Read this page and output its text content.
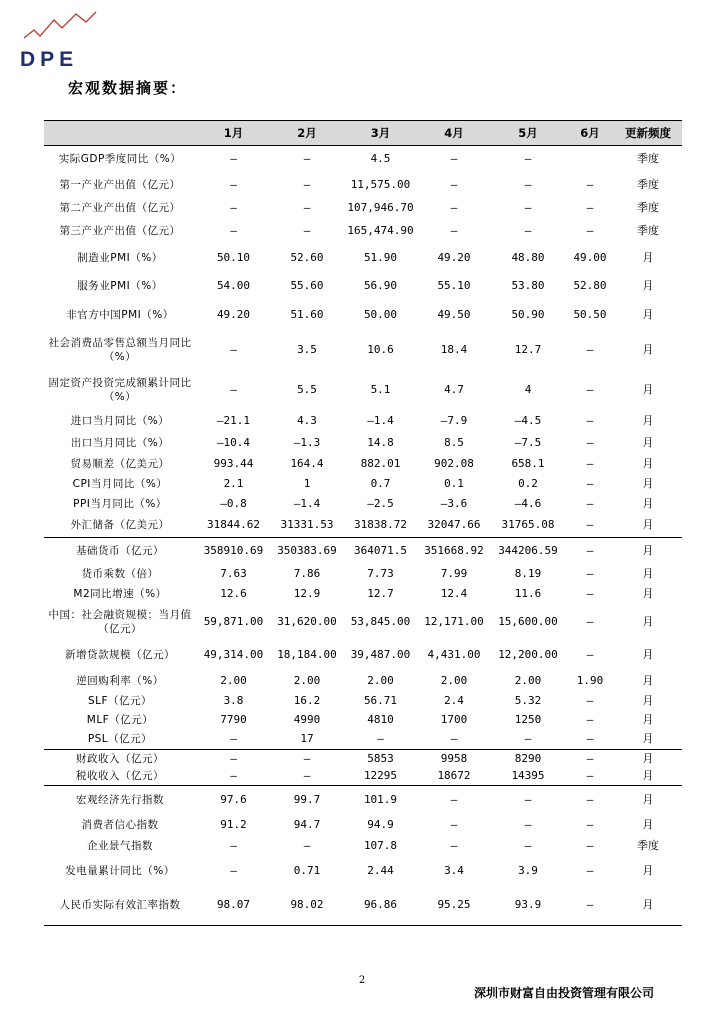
DPE
宏观数据摘要：
	1月	2月	3月	4月	5月	6月	更新频度
实际GDP季度同比（%）	–	–	4.5	–	–		季度
第一产业产出值（亿元）	–	–	11,575.00	–	–	–	季度
第二产业产出值（亿元）	–	–	107,946.70	–	–	–	季度
第三产业产出值（亿元）	–	–	165,474.90	–	–	–	季度
制造业PMI（%）	50.10	52.60	51.90	49.20	48.80	49.00	月
服务业PMI（%）	54.00	55.60	56.90	55.10	53.80	52.80	月
非官方中国PMI（%）	49.20	51.60	50.00	49.50	50.90	50.50	月
社会消费品零售总额当月同比（%）	–	3.5	10.6	18.4	12.7	–	月
固定资产投资完成额累计同比（%）	–	5.5	5.1	4.7	4	–	月
进口当月同比（%）	–21.1	4.3	–1.4	–7.9	–4.5	–	月
出口当月同比（%）	–10.4	–1.3	14.8	8.5	–7.5	–	月
贸易顺差（亿美元）	993.44	164.4	882.01	902.08	658.1	–	月
CPI当月同比（%）	2.1	1	0.7	0.1	0.2	–	月
PPI当月同比（%）	–0.8	–1.4	–2.5	–3.6	–4.6	–	月
外汇储备（亿美元）	31844.62	31331.53	31838.72	32047.66	31765.08	–	月
基础货币（亿元）	358910.69	350383.69	364071.5	351668.92	344206.59	–	月
货币乘数（倍）	7.63	7.86	7.73	7.99	8.19	–	月
M2同比增速（%）	12.6	12.9	12.7	12.4	11.6	–	月
中国：社会融资规模：当月值（亿元）	59,871.00	31,620.00	53,845.00	12,171.00	15,600.00	–	月
新增贷款规模（亿元）	49,314.00	18,184.00	39,487.00	4,431.00	12,200.00	–	月
逆回购利率（%）	2.00	2.00	2.00	2.00	2.00	1.90	月
SLF（亿元）	3.8	16.2	56.71	2.4	5.32	–	月
MLF（亿元）	7790	4990	4810	1700	1250	–	月
PSL（亿元）	–	17	–	–	–	–	月
财政收入（亿元）	–	–	5853	9958	8290	–	月
税收收入（亿元）	–	–	12295	18672	14395	–	月
宏观经济先行指数	97.6	99.7	101.9	–	–	–	月
消费者信心指数	91.2	94.7	94.9	–	–	–	月
企业景气指数	–	–	107.8	–	–	–	季度
发电量累计同比（%）	–	0.71	2.44	3.4	3.9	–	月
人民币实际有效汇率指数	98.07	98.02	96.86	95.25	93.9	–	月
2
深圳市财富自由投资管理有限公司
